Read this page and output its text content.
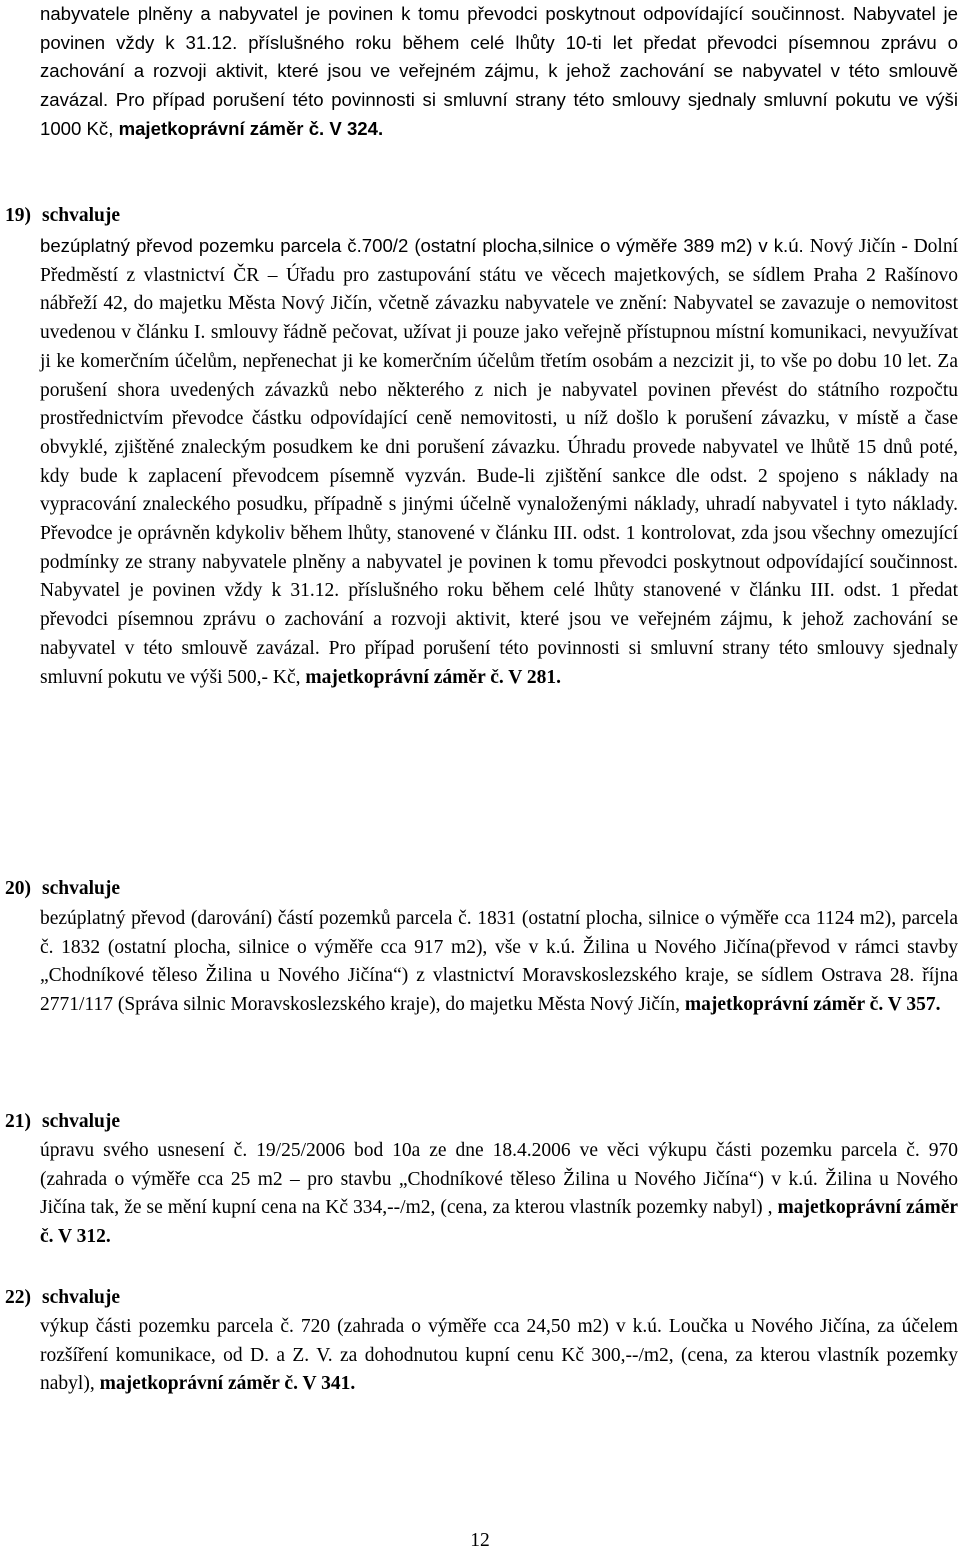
nabyvatele plněny a nabyvatel je povinen k tomu převodci poskytnout odpovídající součinnost. Nabyvatel je povinen vždy k 31.12. příslušného roku během celé lhůty 10-ti let předat převodci písemnou zprávu o zachování a rozvoji aktivit, které jsou ve veřejném zájmu, k jehož zachování se nabyvatel v této smlouvě zavázal. Pro případ porušení této povinnosti si smluvní strany této smlouvy sjednaly smluvní pokutu ve výši 1000 Kč, majetkoprávní záměr č. V 324.

19) schvaluje

bezúplatný převod pozemku parcela č.700/2 (ostatní plocha,silnice o výměře 389 m2) v k.ú. Nový Jičín - Dolní Předměstí z vlastnictví ČR – Úřadu pro zastupování státu ve věcech majetkových, se sídlem Praha 2 Rašínovo nábřeží 42, do majetku Města Nový Jičín, včetně závazku nabyvatele ve znění: Nabyvatel se zavazuje o nemovitost uvedenou v článku I. smlouvy řádně pečovat, užívat ji pouze jako veřejně přístupnou místní komunikaci, nevyužívat ji ke komerčním účelům, nepřenechat ji ke komerčním účelům třetím osobám a nezcizit ji, to vše po dobu 10 let. Za porušení shora uvedených závazků nebo některého z nich je nabyvatel povinen převést do státního rozpočtu prostřednictvím převodce částku odpovídající ceně nemovitosti, u níž došlo k porušení závazku, v místě a čase obvyklé, zjištěné znaleckým posudkem ke dni porušení závazku. Úhradu provede nabyvatel ve lhůtě 15 dnů poté, kdy bude k zaplacení převodcem písemně vyzván. Bude-li zjištění sankce dle odst. 2 spojeno s náklady na vypracování znaleckého posudku, případně s jinými účelně vynaloženými náklady, uhradí nabyvatel i tyto náklady. Převodce je oprávněn kdykoliv během lhůty, stanovené v článku III. odst. 1 kontrolovat, zda jsou všechny omezující podmínky ze strany nabyvatele plněny a nabyvatel je povinen k tomu převodci poskytnout odpovídající součinnost. Nabyvatel je povinen vždy k 31.12. příslušného roku během celé lhůty stanovené v článku III. odst. 1 předat převodci písemnou zprávu o zachování a rozvoji aktivit, které jsou ve veřejném zájmu, k jehož zachování se nabyvatel v této smlouvě zavázal. Pro případ porušení této povinnosti si smluvní strany této smlouvy sjednaly smluvní pokutu ve výši 500,- Kč, majetkoprávní záměr č. V 281.

20) schvaluje

bezúplatný převod (darování) částí pozemků parcela č. 1831 (ostatní plocha, silnice o výměře cca 1124 m2), parcela č. 1832 (ostatní plocha, silnice o výměře cca 917 m2), vše v k.ú. Žilina u Nového Jičína(převod v rámci stavby „Chodníkové těleso Žilina u Nového Jičína“) z vlastnictví Moravskoslezského kraje, se sídlem Ostrava 28. října 2771/117 (Správa silnic Moravskoslezského kraje), do majetku Města Nový Jičín, majetkoprávní záměr č. V 357.

21) schvaluje

úpravu svého usnesení č. 19/25/2006 bod 10a ze dne 18.4.2006 ve věci výkupu části pozemku parcela č. 970 (zahrada o výměře cca 25 m2 – pro stavbu „Chodníkové těleso Žilina u Nového Jičína“) v k.ú. Žilina u Nového Jičína tak, že se mění kupní cena na Kč 334,--/m2, (cena, za kterou vlastník pozemky nabyl) , majetkoprávní záměr č. V 312.

22) schvaluje

výkup části pozemku parcela č. 720 (zahrada o výměře cca 24,50 m2) v k.ú. Loučka u Nového Jičína, za účelem rozšíření komunikace, od D. a Z. V. za dohodnutou kupní cenu Kč 300,--/m2, (cena, za kterou vlastník pozemky nabyl), majetkoprávní záměr č. V 341.

12
